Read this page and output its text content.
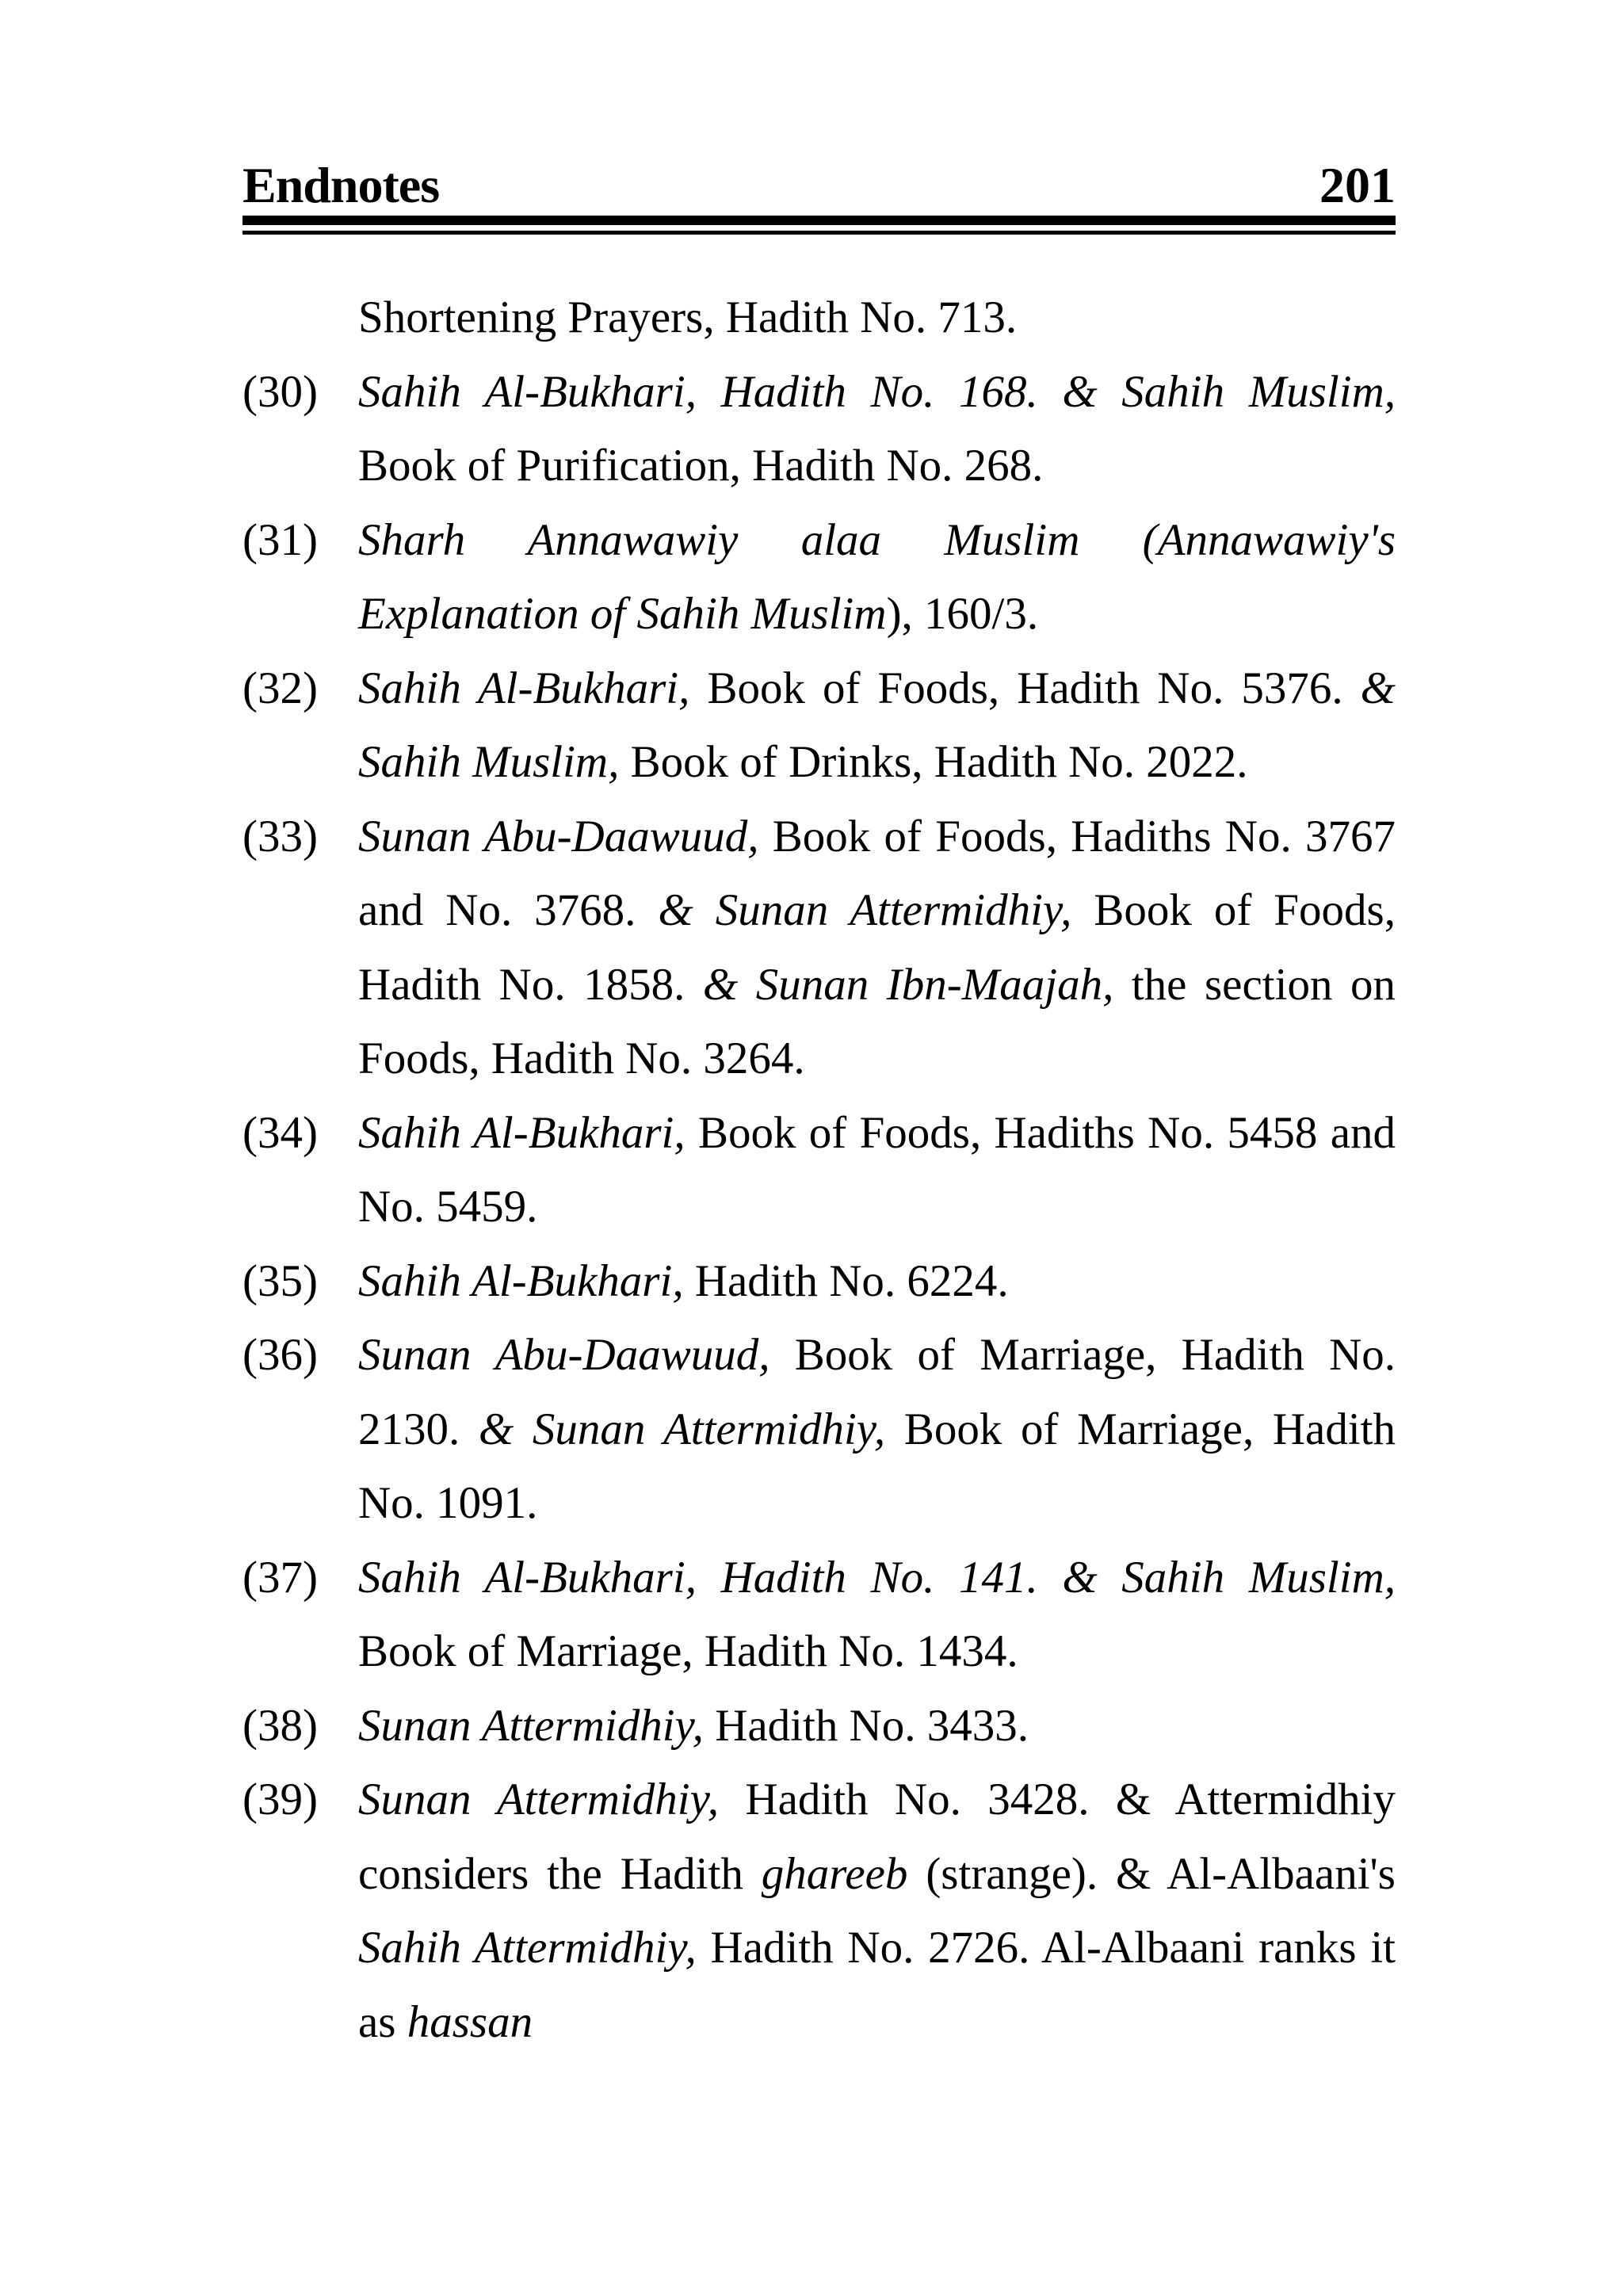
Endnotes	201
Shortening Prayers, Hadith No. 713.
(30) Sahih Al-Bukhari, Hadith No. 168. & Sahih Muslim, Book of Purification, Hadith No. 268.
(31) Sharh Annawawiy alaa Muslim (Annawawiy's Explanation of Sahih Muslim), 160/3.
(32) Sahih Al-Bukhari, Book of Foods, Hadith No. 5376. & Sahih Muslim, Book of Drinks, Hadith No. 2022.
(33) Sunan Abu-Daawuud, Book of Foods, Hadiths No. 3767 and No. 3768. & Sunan Attermidhiy, Book of Foods, Hadith No. 1858. & Sunan Ibn-Maajah, the section on Foods, Hadith No. 3264.
(34) Sahih Al-Bukhari, Book of Foods, Hadiths No. 5458 and No. 5459.
(35) Sahih Al-Bukhari, Hadith No. 6224.
(36) Sunan Abu-Daawuud, Book of Marriage, Hadith No. 2130. & Sunan Attermidhiy, Book of Marriage, Hadith No. 1091.
(37) Sahih Al-Bukhari, Hadith No. 141. & Sahih Muslim, Book of Marriage, Hadith No. 1434.
(38) Sunan Attermidhiy, Hadith No. 3433.
(39) Sunan Attermidhiy, Hadith No. 3428. & Attermidhiy considers the Hadith ghareeb (strange). & Al-Albaani's Sahih Attermidhiy, Hadith No. 2726. Al-Albaani ranks it as hassan
